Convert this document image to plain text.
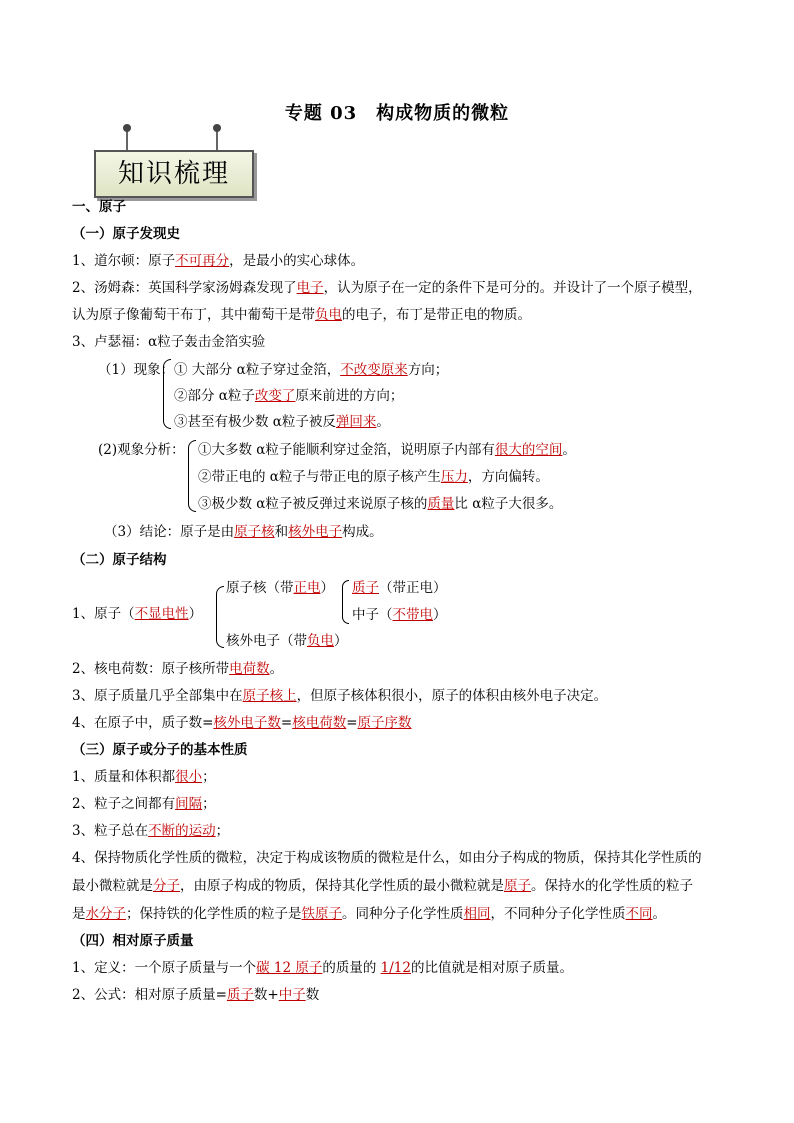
专题 03　构成物质的微粒
知识梳理
一、原子
（一）原子发现史
1、道尔顿：原子不可再分，是最小的实心球体。
2、汤姆森：英国科学家汤姆森发现了电子，认为原子在一定的条件下是可分的。并设计了一个原子模型，
认为原子像葡萄干布丁，其中葡萄干是带负电的电子，布丁是带正电的物质。
3、卢瑟福：α粒子轰击金箔实验
（1）现象： ① 大部分 α粒子穿过金箔，不改变原来方向；
②部分 α粒子改变了原来前进的方向；
③甚至有极少数 α粒子被反弹回来。
(2)观象分析： ①大多数 α粒子能顺利穿过金箔，说明原子内部有很大的空间。
②带正电的 α粒子与带正电的原子核产生压力，方向偏转。
③极少数 α粒子被反弹过来说原子核的质量比 α粒子大很多。
（3）结论：原子是由原子核和核外电子构成。
（二）原子结构
1、原子（不显电性）
原子核（带正电）
核外电子（带负电）
质子（带正电）
中子（不带电）
2、核电荷数：原子核所带电荷数。
3、原子质量几乎全部集中在原子核上，但原子核体积很小，原子的体积由核外电子决定。
4、在原子中，质子数=核外电子数=核电荷数=原子序数
（三）原子或分子的基本性质
1、质量和体积都很小；
2、粒子之间都有间隔；
3、粒子总在不断的运动；
4、保持物质化学性质的微粒，决定于构成该物质的微粒是什么，如由分子构成的物质，保持其化学性质的
最小微粒就是分子，由原子构成的物质，保持其化学性质的最小微粒就是原子。保持水的化学性质的粒子
是水分子；保持铁的化学性质的粒子是铁原子。同种分子化学性质相同，不同种分子化学性质不同。
（四）相对原子质量
1、定义：一个原子质量与一个碳 12 原子的质量的 1/12的比值就是相对原子质量。
2、公式：相对原子质量=质子数+中子数
